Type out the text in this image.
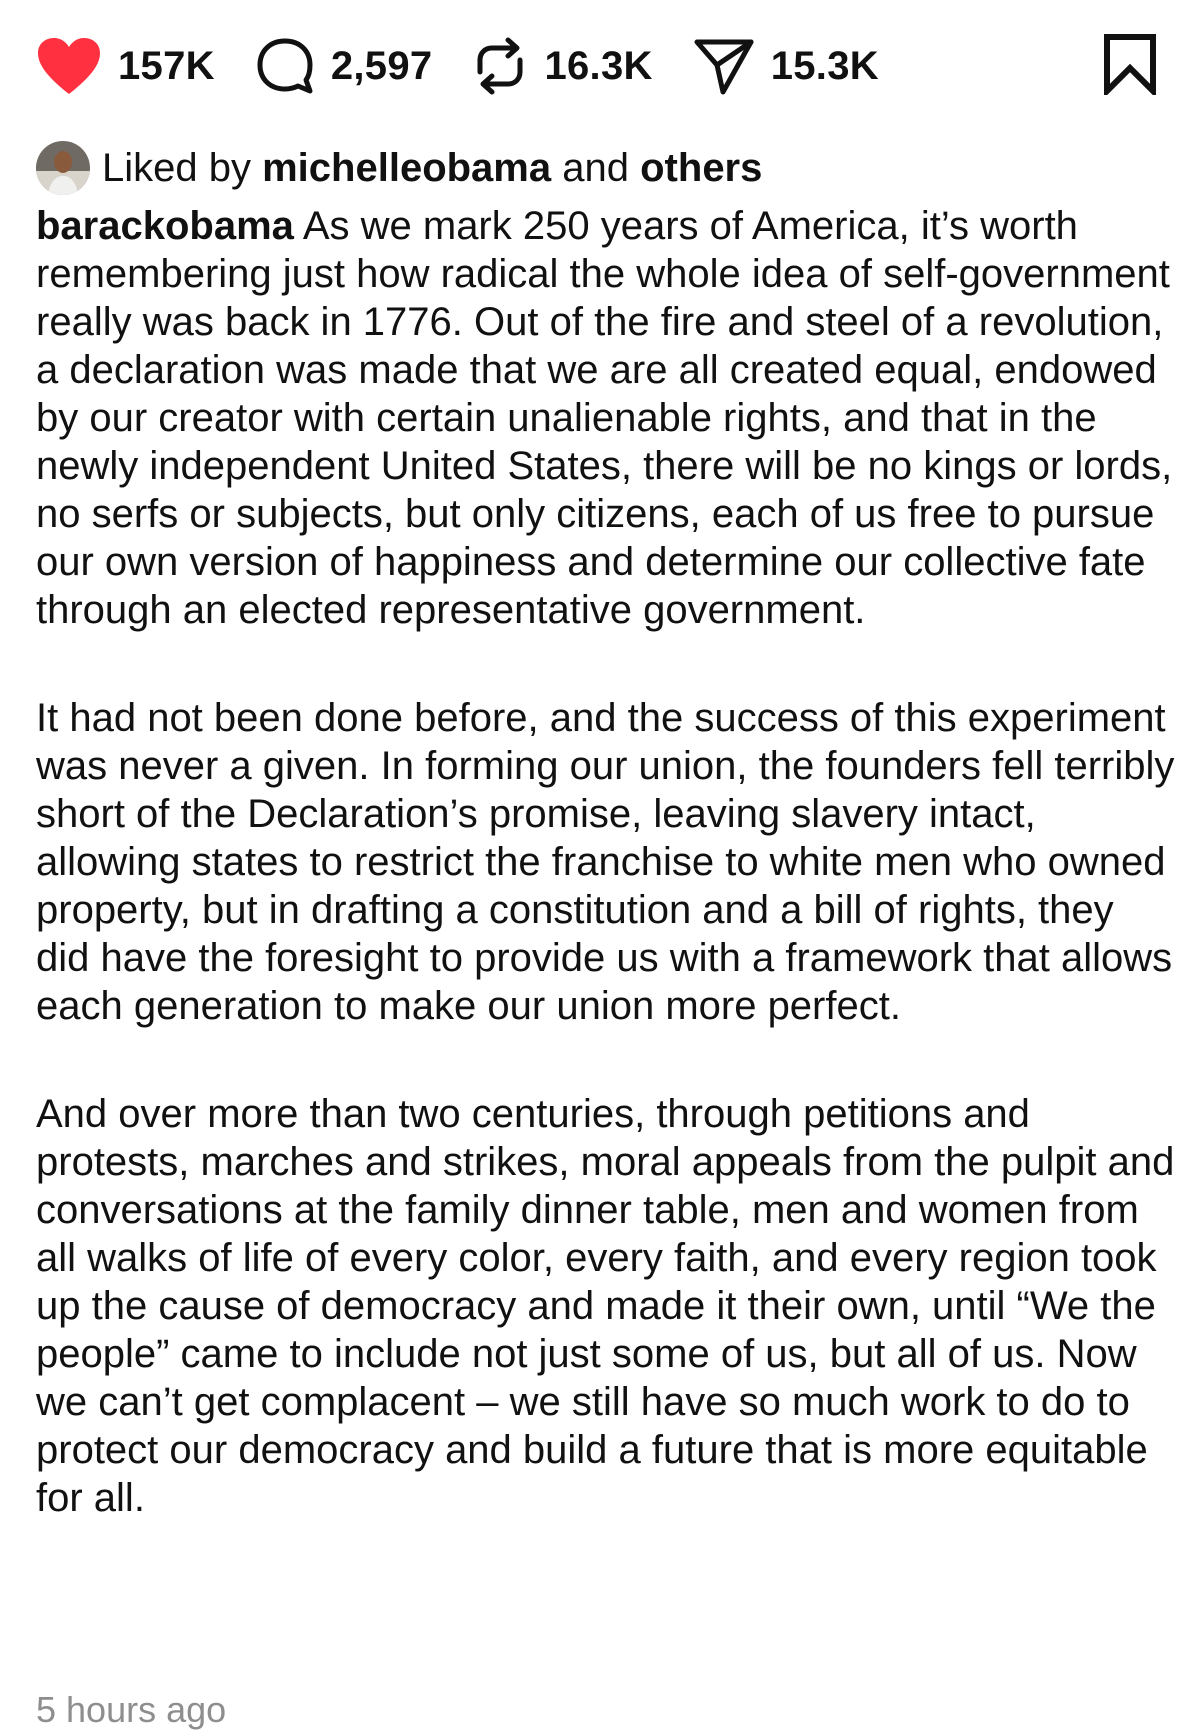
157K	2,597	16.3K	15.3K
Liked by
michelleobama
and
others

barackobama As we mark 250 years of America, it’s worth remembering just how radical the whole idea of self-government really was back in 1776. Out of the fire and steel of a revolution, a declaration was made that we are all created equal, endowed by our creator with certain unalienable rights, and that in the newly independent United States, there will be no kings or lords, no serfs or subjects, but only citizens, each of us free to pursue our own version of happiness and determine our collective fate through an elected representative government.

It had not been done before, and the success of this experiment was never a given. In forming our union, the founders fell terribly short of the Declaration’s promise, leaving slavery intact, allowing states to restrict the franchise to white men who owned property, but in drafting a constitution and a bill of rights, they did have the foresight to provide us with a framework that allows each generation to make our union more perfect.

And over more than two centuries, through petitions and protests, marches and strikes, moral appeals from the pulpit and conversations at the family dinner table, men and women from all walks of life of every color, every faith, and every region took up the cause of democracy and made it their own, until “We the people” came to include not just some of us, but all of us. Now we can’t get complacent – we still have so much work to do to protect our democracy and build a future that is more equitable for all.

5 hours ago
